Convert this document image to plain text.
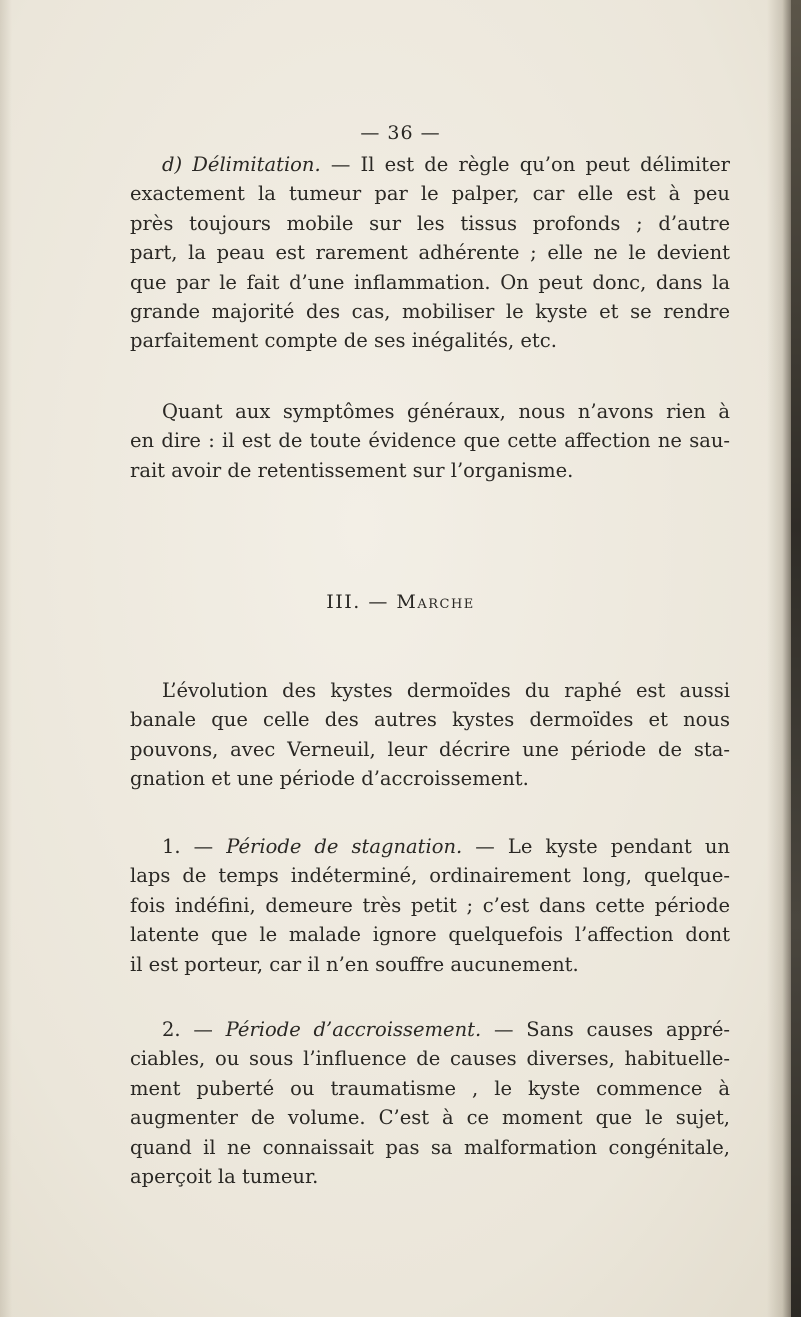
— 36 —
d) Délimitation. — Il est de règle qu’on peut délimiter
exactement la tumeur par le palper, car elle est à peu
près toujours mobile sur les tissus profonds ; d’autre
part, la peau est rarement adhérente ; elle ne le devient
que par le fait d’une inflammation. On peut donc, dans la
grande majorité des cas, mobiliser le kyste et se rendre
parfaitement compte de ses inégalités, etc.
Quant aux symptômes généraux, nous n’avons rien à
en dire : il est de toute évidence que cette affection ne sau-
rait avoir de retentissement sur l’organisme.
III. — Marche
L’évolution des kystes dermoïdes du raphé est aussi
banale que celle des autres kystes dermoïdes et nous
pouvons, avec Verneuil, leur décrire une période de sta-
gnation et une période d’accroissement.
1. — Période de stagnation. — Le kyste pendant un
laps de temps indéterminé, ordinairement long, quelque-
fois indéfini, demeure très petit ; c’est dans cette période
latente que le malade ignore quelquefois l’affection dont
il est porteur, car il n’en souffre aucunement.
2. — Période d’accroissement. — Sans causes appré-
ciables, ou sous l’influence de causes diverses, habituelle-
ment puberté ou traumatisme , le kyste commence à
augmenter de volume. C’est à ce moment que le sujet,
quand il ne connaissait pas sa malformation congénitale,
aperçoit la tumeur.
